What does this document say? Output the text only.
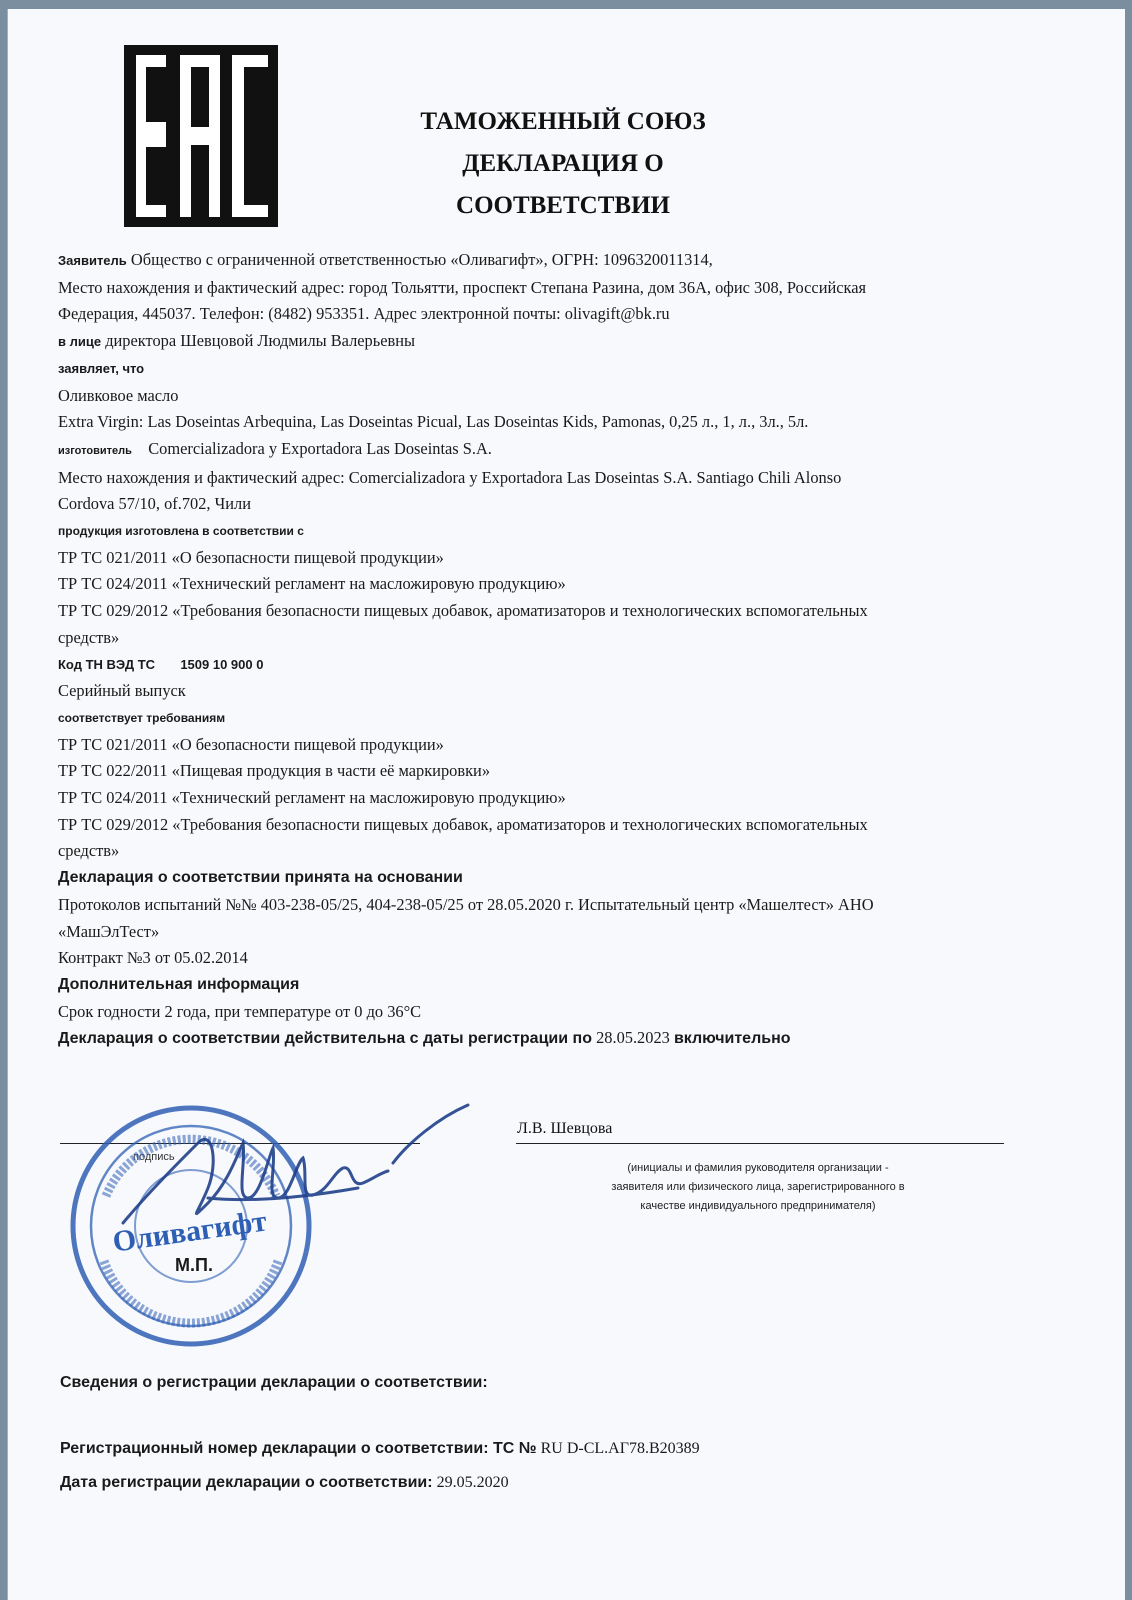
ТАМОЖЕННЫЙ СОЮЗ
ДЕКЛАРАЦИЯ О СООТВЕТСТВИИ
Заявитель Общество с ограниченной ответственностью «Оливагифт», ОГРН: 1096320011314,
Место нахождения и фактический адрес: город Тольятти, проспект Степана Разина, дом 36А, офис 308, Российская
Федерация, 445037. Телефон: (8482) 953351. Адрес электронной почты: olivagift@bk.ru
в лице директора Шевцовой Людмилы Валерьевны
заявляет, что
Оливковое масло
Extra Virgin: Las Doseintas Arbequina, Las Doseintas Picual, Las Doseintas Kids, Pamonas, 0,25 л., 1, л., 3л., 5л.
изготовитель Comercializadora y Exportadora Las Doseintas S.A.
Место нахождения и фактический адрес: Comercializadora y Exportadora Las Doseintas S.A. Santiago Chili Alonso
Cordova 57/10, of.702, Чили
продукция изготовлена в соответствии с
ТР ТС 021/2011 «О безопасности пищевой продукции»
ТР ТС 024/2011 «Технический регламент на масложировую продукцию»
ТР ТС 029/2012 «Требования безопасности пищевых добавок, ароматизаторов и технологических вспомогательных
средств»
Код ТН ВЭД ТС 1509 10 900 0
Серийный выпуск
соответствует требованиям
ТР ТС 021/2011 «О безопасности пищевой продукции»
ТР ТС 022/2011 «Пищевая продукция в части её маркировки»
ТР ТС 024/2011 «Технический регламент на масложировую продукцию»
ТР ТС 029/2012 «Требования безопасности пищевых добавок, ароматизаторов и технологических вспомогательных
средств»
Декларация о соответствии принята на основании
Протоколов испытаний №№ 403-238-05/25, 404-238-05/25 от 28.05.2020 г. Испытательный центр «Машелтест» АНО
«МашЭлТест»
Контракт №3 от 05.02.2014
Дополнительная информация
Срок годности 2 года, при температуре от 0 до 36°С
Декларация о соответствии действительна с даты регистрации по 28.05.2023 включительно
Л.В. Шевцова
подпись
(инициалы и фамилия руководителя организации -
заявителя или физического лица, зарегистрированного в
качестве индивидуального предпринимателя)
Оливагифт
М.П.
Сведения о регистрации декларации о соответствии:
Регистрационный номер декларации о соответствии: ТС № RU D-CL.АГ78.B20389
Дата регистрации декларации о соответствии: 29.05.2020
